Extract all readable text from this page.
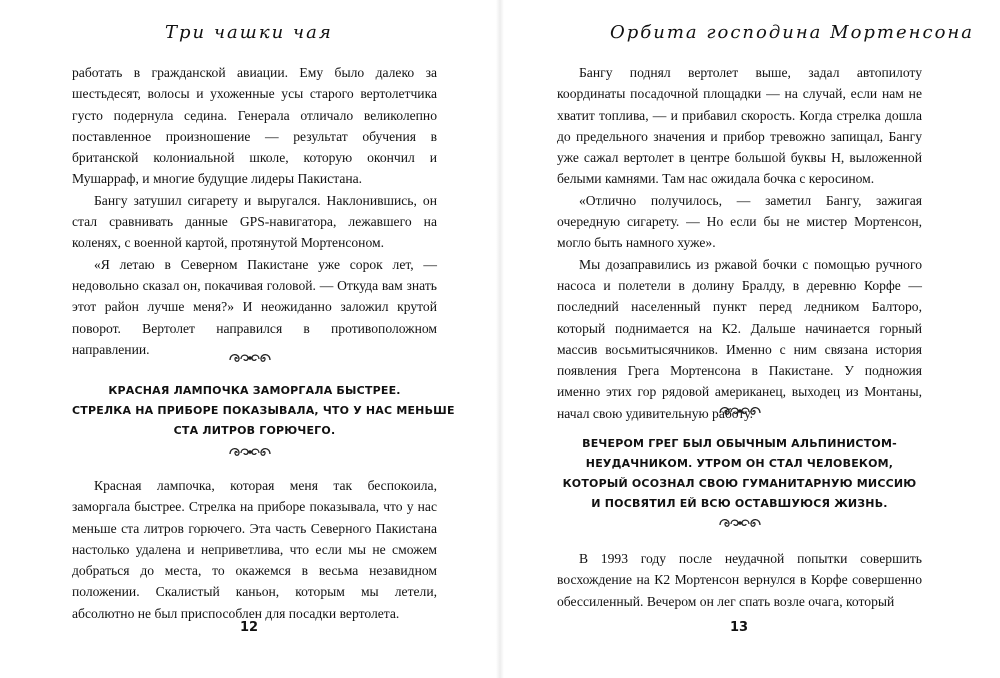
Три чашки чая

работать в гражданской авиации. Ему было далеко за шестьдесят, волосы и ухоженные усы старого вертолетчика густо подернула седина. Генерала отличало великолепно поставленное произношение — результат обучения в британской колониальной школе, которую окончил и Мушарраф, и многие будущие лидеры Пакистана.

Бангу затушил сигарету и выругался. Наклонившись, он стал сравнивать данные GPS-навигатора, лежавшего на коленях, с военной картой, протянутой Мортенсоном.

«Я летаю в Северном Пакистане уже сорок лет, — недовольно сказал он, покачивая головой. — Откуда вам знать этот район лучше меня?» И неожиданно заложил крутой поворот. Вертолет направился в противоположном направлении.

КРАСНАЯ ЛАМПОЧКА ЗАМОРГАЛА БЫСТРЕЕ.
СТРЕЛКА НА ПРИБОРЕ ПОКАЗЫВАЛА, ЧТО У НАС МЕНЬШЕ
СТА ЛИТРОВ ГОРЮЧЕГО.

Красная лампочка, которая меня так беспокоила, заморгала быстрее. Стрелка на приборе показывала, что у нас меньше ста литров горючего. Эта часть Северного Пакистана настолько удалена и неприветлива, что если мы не сможем добраться до места, то окажемся в весьма незавидном положении. Скалистый каньон, которым мы летели, абсолютно не был приспособлен для посадки вертолета.

12
Орбита господина Мортенсона

Бангу поднял вертолет выше, задал автопилоту координаты посадочной площадки — на случай, если нам не хватит топлива, — и прибавил скорость. Когда стрелка дошла до предельного значения и прибор тревожно запищал, Бангу уже сажал вертолет в центре большой буквы H, выложенной белыми камнями. Там нас ожидала бочка с керосином.

«Отлично получилось, — заметил Бангу, зажигая очередную сигарету. — Но если бы не мистер Мортенсон, могло быть намного хуже».

Мы дозаправились из ржавой бочки с помощью ручного насоса и полетели в долину Бралду, в деревню Корфе — последний населенный пункт перед ледником Балторо, который поднимается на К2. Дальше начинается горный массив восьмитысячников. Именно с ним связана история появления Грега Мортенсона в Пакистане. У подножия именно этих гор рядовой американец, выходец из Монтаны, начал свою удивительную работу.

ВЕЧЕРОМ ГРЕГ БЫЛ ОБЫЧНЫМ АЛЬПИНИСТОМ-
НЕУДАЧНИКОМ. УТРОМ ОН СТАЛ ЧЕЛОВЕКОМ,
КОТОРЫЙ ОСОЗНАЛ СВОЮ ГУМАНИТАРНУЮ МИССИЮ
И ПОСВЯТИЛ ЕЙ ВСЮ ОСТАВШУЮСЯ ЖИЗНЬ.

В 1993 году после неудачной попытки совершить восхождение на К2 Мортенсон вернулся в Корфе совершенно обессиленный. Вечером он лег спать возле очага, который

13
